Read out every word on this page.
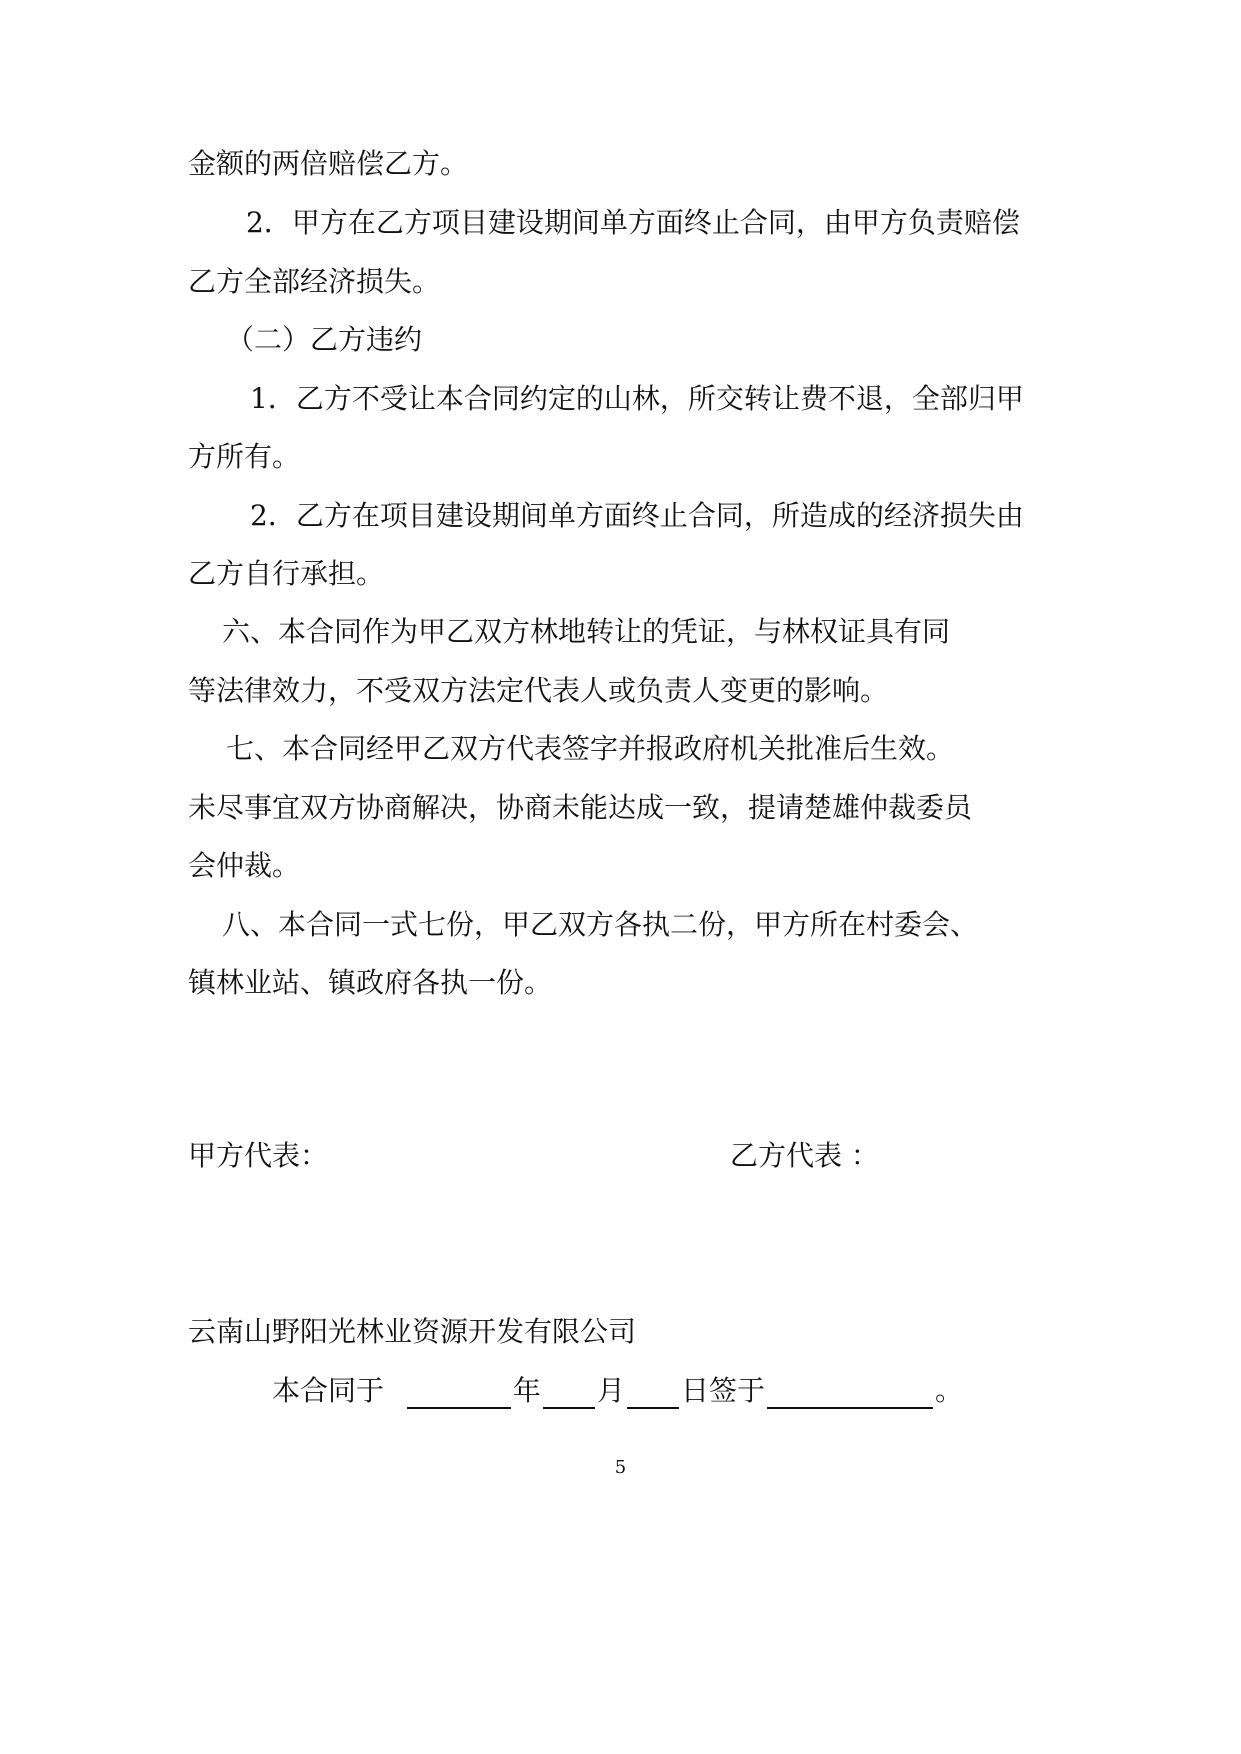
金额的两倍赔偿乙方。
2．甲方在乙方项目建设期间单方面终止合同，由甲方负责赔偿
乙方全部经济损失。
（二）乙方违约
1．乙方不受让本合同约定的山林，所交转让费不退，全部归甲
方所有。
2．乙方在项目建设期间单方面终止合同，所造成的经济损失由
乙方自行承担。
六、本合同作为甲乙双方林地转让的凭证，与林权证具有同
等法律效力，不受双方法定代表人或负责人变更的影响。
七、本合同经甲乙双方代表签字并报政府机关批准后生效。
未尽事宜双方协商解决，协商未能达成一致，提请楚雄仲裁委员
会仲裁。
八、本合同一式七份，甲乙双方各执二份，甲方所在村委会、
镇林业站、镇政府各执一份。
甲方代表：	乙方代表 ：
云南山野阳光林业资源开发有限公司
本合同于	年 月 日签于	。
5
